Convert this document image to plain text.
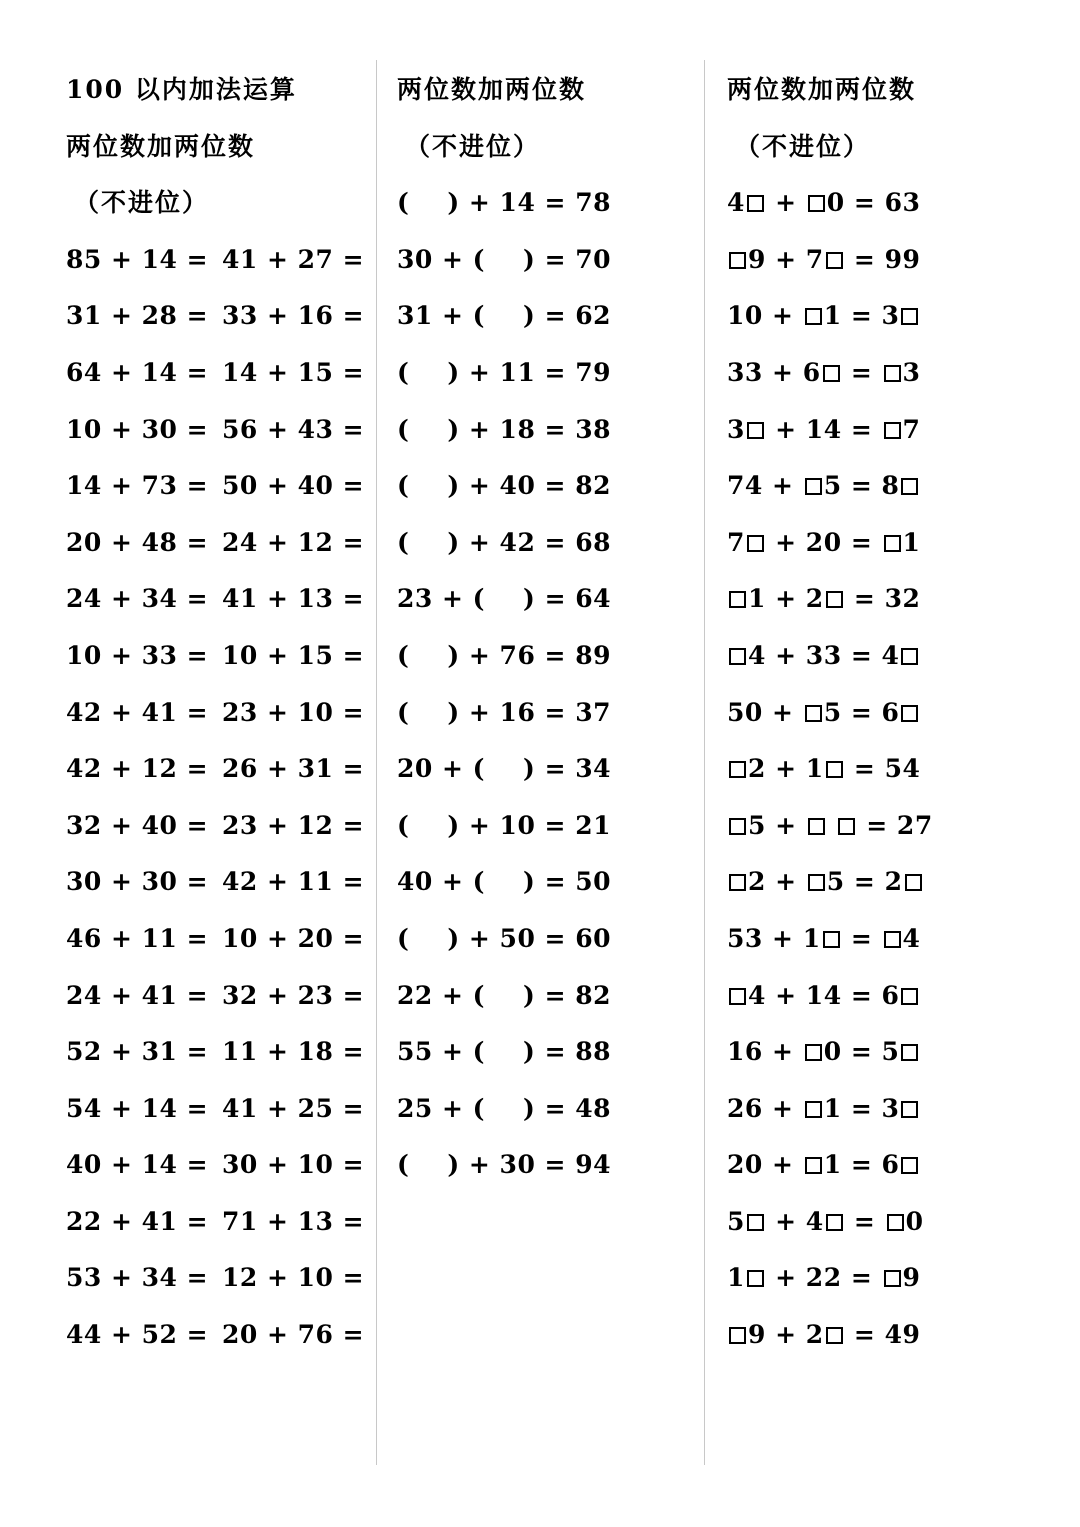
100 以内加法运算
两位数加两位数
（不进位）
85 + 14 = 41 + 27 =
31 + 28 = 33 + 16 =
64 + 14 = 14 + 15 =
10 + 30 = 56 + 43 =
14 + 73 = 50 + 40 =
20 + 48 = 24 + 12 =
24 + 34 = 41 + 13 =
10 + 33 = 10 + 15 =
42 + 41 = 23 + 10 =
42 + 12 = 26 + 31 =
32 + 40 = 23 + 12 =
30 + 30 = 42 + 11 =
46 + 11 = 10 + 20 =
24 + 41 = 32 + 23 =
52 + 31 = 11 + 18 =
54 + 14 = 41 + 25 =
40 + 14 = 30 + 10 =
22 + 41 = 71 + 13 =
53 + 34 = 12 + 10 =
44 + 52 = 20 + 76 =
两位数加两位数
（不进位）
( ) + 14 = 78
30 + ( ) = 70
31 + ( ) = 62
( ) + 11 = 79
( ) + 18 = 38
( ) + 40 = 82
( ) + 42 = 68
23 + ( ) = 64
( ) + 76 = 89
( ) + 16 = 37
20 + ( ) = 34
( ) + 10 = 21
40 + ( ) = 50
( ) + 50 = 60
22 + ( ) = 82
55 + ( ) = 88
25 + ( ) = 48
( ) + 30 = 94
两位数加两位数
（不进位）
4 + 0 = 63
9 + 7 = 99
10 + 1 = 3
33 + 6 = 3
3 + 14 = 7
74 + 5 = 8
7 + 20 = 1
1 + 2 = 32
4 + 33 = 4
50 + 5 = 6
2 + 1 = 54
5 +	= 27
2 + 5 = 2
53 + 1 = 4
4 + 14 = 6
16 + 0 = 5
26 + 1 = 3
20 + 1 = 6
5 + 4 = 0
1 + 22 = 9
9 + 2 = 49
